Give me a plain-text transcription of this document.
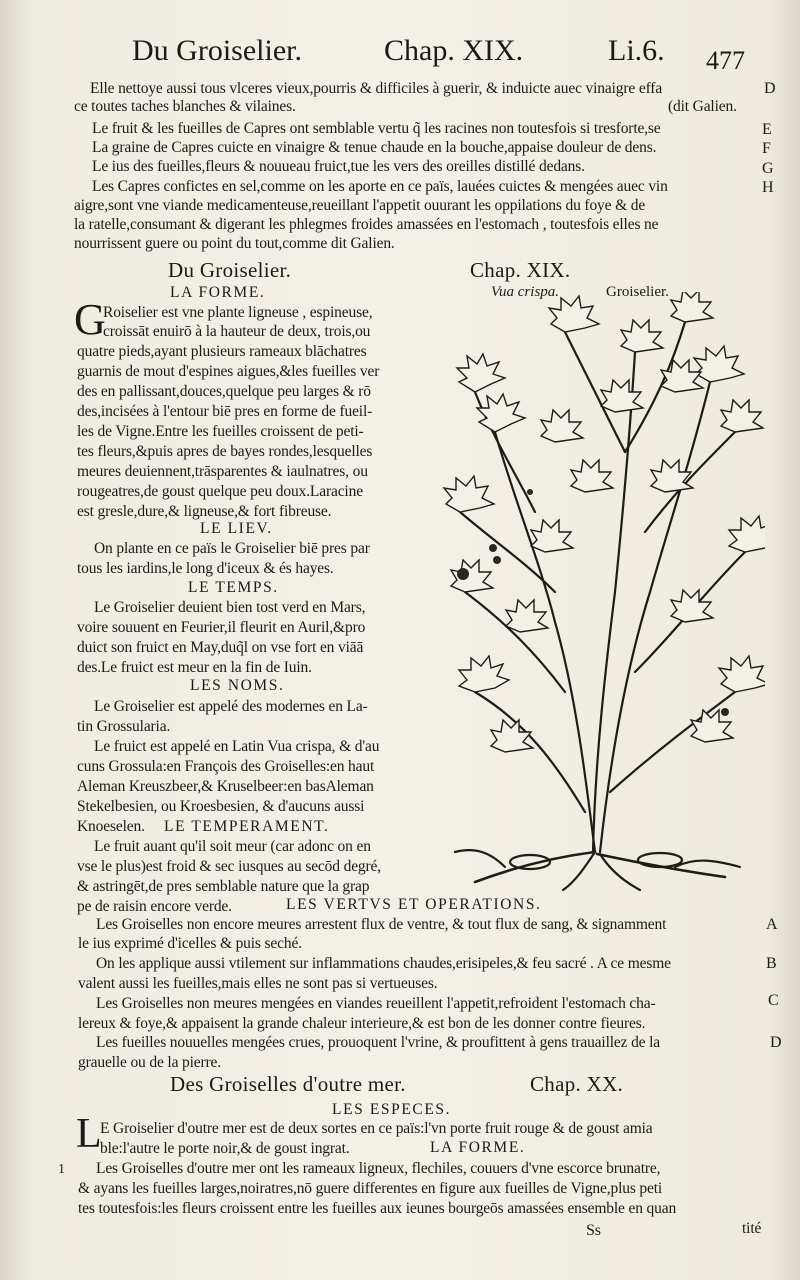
Du Groiselier.	Chap. XIX.	Li.6. 477
Elle nettoye aussi tous vlceres vieux,pourris & difficiles à guerir, & induicte auec vinaigre effa
ce toutes taches blanches & vilaines.	(dit Galien.
Le fruit & les fueilles de Capres ont semblable vertu q̃ les racines non toutesfois si tresforte,se
La graine de Capres cuicte en vinaigre & tenue chaude en la bouche,appaise douleur de dens.
Le ius des fueilles,fleurs & nouueau fruict,tue les vers des oreilles distillé dedans.
Les Capres confictes en sel,comme on les aporte en ce païs, lauées cuictes & mengées auec vin
aigre,sont vne viande medicamenteuse,reueillant l'appetit ouurant les oppilations du foye & de
la ratelle,consumant & digerant les phlegmes froides amassées en l'estomach , toutesfois elles ne
nourrissent guere ou point du tout,comme dit Galien.
D
E
F
G
H
Du Groiselier.	Chap. XIX.
Vua crispa.	Groiselier.
LA FORME.
G
Roiselier est vne plante ligneuse , espineuse,
croissāt enuirō à la hauteur de deux, trois,ou
quatre pieds,ayant plusieurs rameaux blāchatres
guarnis de mout d'espines aigues,&les fueilles ver
des en pallissant,douces,quelque peu larges & rō
des,incisées à l'entour biē pres en forme de fueil-
les de Vigne.Entre les fueilles croissent de peti-
tes fleurs,&puis apres de bayes rondes,lesquelles
meures deuiennent,trāsparentes & iaulnatres, ou
rougeatres,de goust quelque peu doux.Laracine
est gresle,dure,& ligneuse,& fort fibreuse.
LE LIEV.
On plante en ce païs le Groiselier biē pres par
tous les iardins,le long d'iceux & és hayes.
LE TEMPS.
Le Groiselier deuient bien tost verd en Mars,
voire souuent en Feurier,il fleurit en Auril,&pro
duict son fruict en May,duq̃l on vse fort en viāā
des.Le fruict est meur en la fin de Iuin.
LES NOMS.
Le Groiselier est appelé des modernes en La-
tin Grossularia.
Le fruict est appelé en Latin Vua crispa, & d'au
cuns Grossula:en François des Groiselles:en haut
Aleman Kreuszbeer,& Kruselbeer:en basAleman
Stekelbesien, ou Kroesbesien, & d'aucuns aussi
Knoeselen. LE TEMPERAMENT.
Le fruit auant qu'il soit meur (car adonc on en
vse le plus)est froid & sec iusques au secōd degré,
& astringēt,de pres semblable nature que la grap
pe de raisin encore verde.	LES VERTVS ET OPERATIONS.
Les Groiselles non encore meures arrestent flux de ventre, & tout flux de sang, & signamment
le ius exprimé d'icelles & puis seché.
On les applique aussi vtilement sur inflammations chaudes,erisipeles,& feu sacré . A ce mesme
valent aussi les fueilles,mais elles ne sont pas si vertueuses.
Les Groiselles non meures mengées en viandes reueillent l'appetit,refroident l'estomach cha-
lereux & foye,& appaisent la grande chaleur interieure,& est bon de les donner contre fieures.
Les fueilles nouuelles mengées crues, prouoquent l'vrine, & proufittent à gens trauaillez de la
grauelle ou de la pierre.
A
B
C
D
Des Groiselles d'outre mer.	Chap. XX.
LES ESPECES.
L
E Groiselier d'outre mer est de deux sortes en ce païs:l'vn porte fruit rouge & de goust amia
ble:l'autre le porte noir,& de goust ingrat.	LA FORME.
Les Groiselles d'outre mer ont les rameaux ligneux, flechiles, couuers d'vne escorce brunatre,
& ayans les fueilles larges,noiratres,nō guere differentes en figure aux fueilles de Vigne,plus peti
tes toutesfois:les fleurs croissent entre les fueilles aux ieunes bourgeōs amassées ensemble en quan
1
Ss	tité
